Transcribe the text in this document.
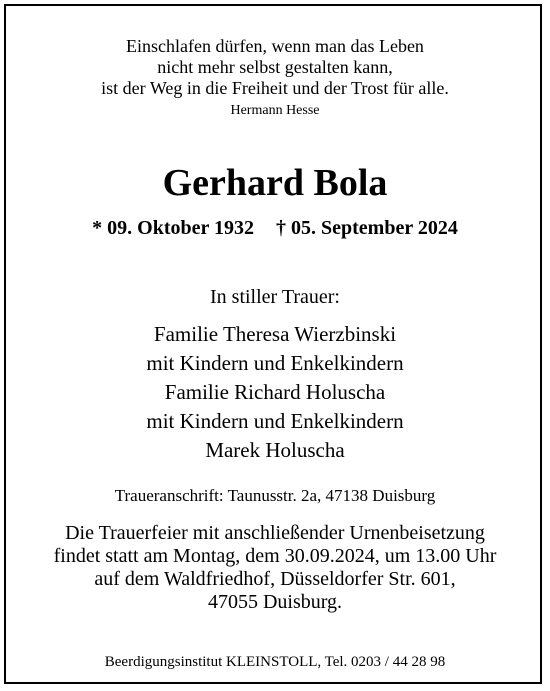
Einschlafen dürfen, wenn man das Leben
nicht mehr selbst gestalten kann,
ist der Weg in die Freiheit und der Trost für alle.
Hermann Hesse
Gerhard Bola
* 09. Oktober 1932 † 05. September 2024
In stiller Trauer:
Familie Theresa Wierzbinski
mit Kindern und Enkelkindern
Familie Richard Holuscha
mit Kindern und Enkelkindern
Marek Holuscha
Traueranschrift: Taunusstr. 2a, 47138 Duisburg
Die Trauerfeier mit anschließender Urnenbeisetzung
findet statt am Montag, dem 30.09.2024, um 13.00 Uhr
auf dem Waldfriedhof, Düsseldorfer Str. 601,
47055 Duisburg.
Beerdigungsinstitut KLEINSTOLL, Tel. 0203 / 44 28 98
